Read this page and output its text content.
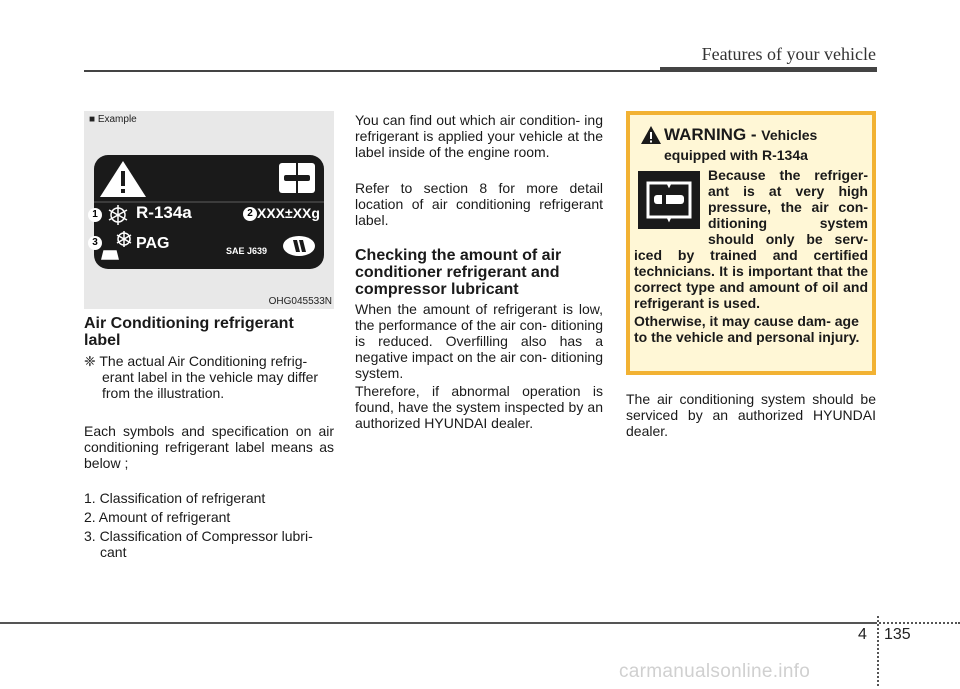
Features of your vehicle
■ Example
R-134a	XXX±XXg
PAG	SAE J639
1	2
3
OHG045533N
Air Conditioning refrigerant label

❈ The actual Air Conditioning refrig- erant label in the vehicle may differ from the illustration.

Each symbols and specification on air conditioning refrigerant label means as below ;

1. Classification of refrigerant
2. Amount of refrigerant
3. Classification of Compressor lubri- cant

You can find out which air condition- ing refrigerant is applied your vehicle at the label inside of the engine room.

Refer to section 8 for more detail location of air conditioning refrigerant label.

Checking the amount of air conditioner refrigerant and compressor lubricant

When the amount of refrigerant is low, the performance of the air con- ditioning is reduced. Overfilling also has a negative impact on the air con- ditioning system.

Therefore, if abnormal operation is found, have the system inspected by an authorized HYUNDAI dealer.

WARNING - Vehicles
equipped with R-134a

Because the refriger- ant is at very high pressure, the air con- ditioning system should only be serv- iced by trained and certified technicians. It is important that the correct type and amount of oil and refrigerant is used.

Otherwise, it may cause dam- age to the vehicle and personal injury.

The air conditioning system should be serviced by an authorized HYUNDAI dealer.

4 135
carmanualsonline.info
